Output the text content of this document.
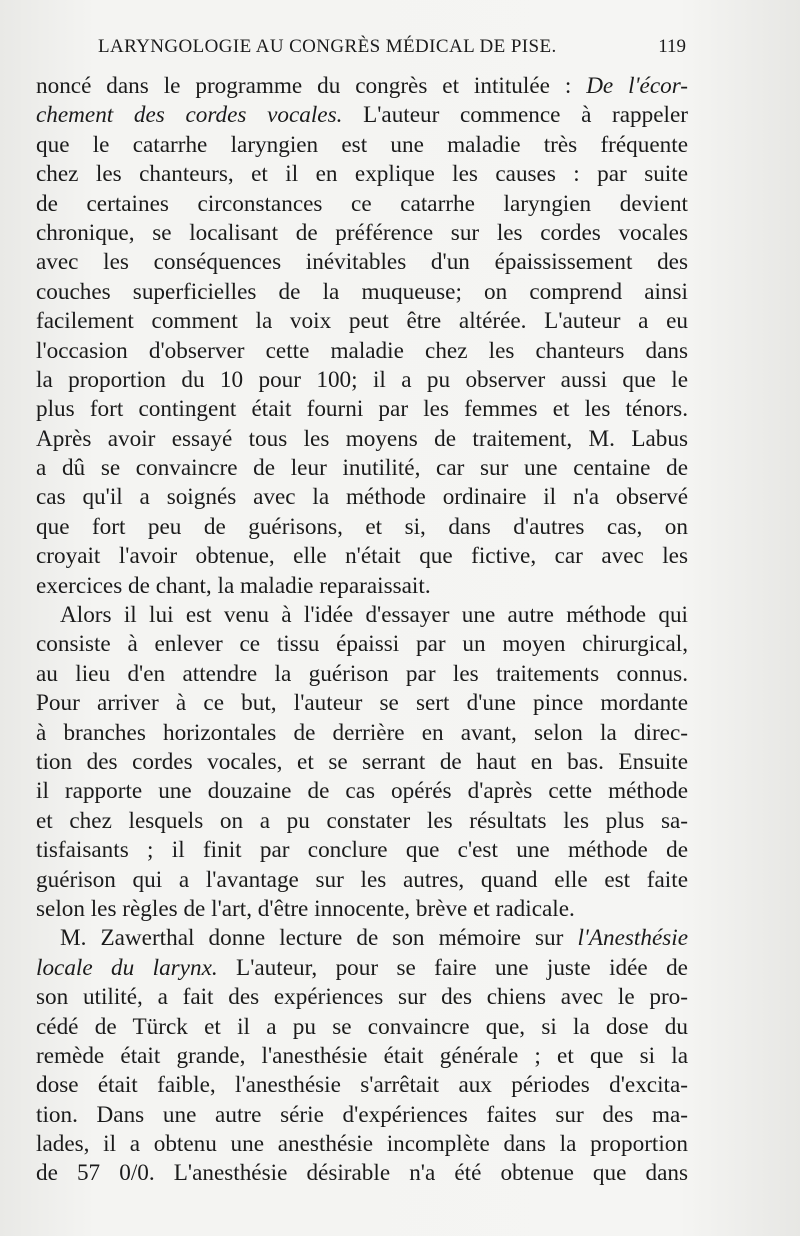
LARYNGOLOGIE AU CONGRÈS MÉDICAL DE PISE.	119
noncé dans le programme du congrès et intitulée : De l'écor-
chement des cordes vocales. L'auteur commence à rappeler
que le catarrhe laryngien est une maladie très fréquente
chez les chanteurs, et il en explique les causes : par suite
de certaines circonstances ce catarrhe laryngien devient
chronique, se localisant de préférence sur les cordes vocales
avec les conséquences inévitables d'un épaississement des
couches superficielles de la muqueuse; on comprend ainsi
facilement comment la voix peut être altérée. L'auteur a eu
l'occasion d'observer cette maladie chez les chanteurs dans
la proportion du 10 pour 100; il a pu observer aussi que le
plus fort contingent était fourni par les femmes et les ténors.
Après avoir essayé tous les moyens de traitement, M. Labus
a dû se convaincre de leur inutilité, car sur une centaine de
cas qu'il a soignés avec la méthode ordinaire il n'a observé
que fort peu de guérisons, et si, dans d'autres cas, on
croyait l'avoir obtenue, elle n'était que fictive, car avec les
exercices de chant, la maladie reparaissait.
Alors il lui est venu à l'idée d'essayer une autre méthode qui
consiste à enlever ce tissu épaissi par un moyen chirurgical,
au lieu d'en attendre la guérison par les traitements connus.
Pour arriver à ce but, l'auteur se sert d'une pince mordante
à branches horizontales de derrière en avant, selon la direc-
tion des cordes vocales, et se serrant de haut en bas. Ensuite
il rapporte une douzaine de cas opérés d'après cette méthode
et chez lesquels on a pu constater les résultats les plus sa-
tisfaisants ; il finit par conclure que c'est une méthode de
guérison qui a l'avantage sur les autres, quand elle est faite
selon les règles de l'art, d'être innocente, brève et radicale.
M. Zawerthal donne lecture de son mémoire sur l'Anesthésie
locale du larynx. L'auteur, pour se faire une juste idée de
son utilité, a fait des expériences sur des chiens avec le pro-
cédé de Türck et il a pu se convaincre que, si la dose du
remède était grande, l'anesthésie était générale ; et que si la
dose était faible, l'anesthésie s'arrêtait aux périodes d'excita-
tion. Dans une autre série d'expériences faites sur des ma-
lades, il a obtenu une anesthésie incomplète dans la proportion
de 57 0/0. L'anesthésie désirable n'a été obtenue que dans
